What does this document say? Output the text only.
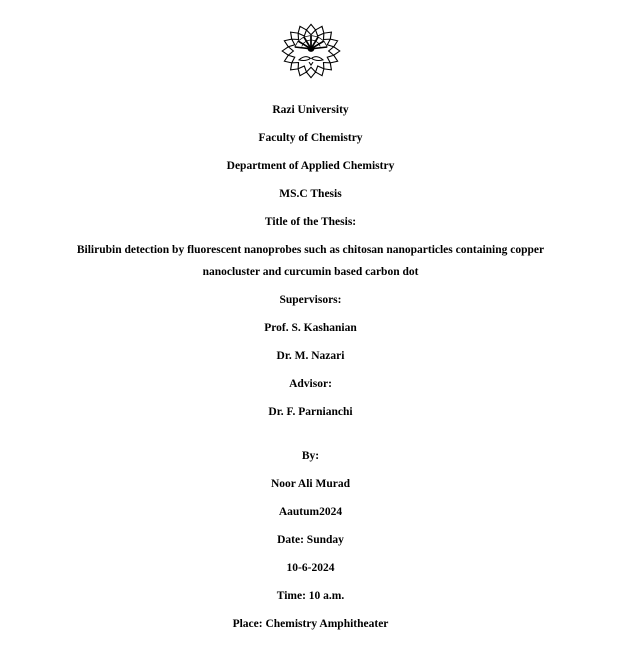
Razi University

Faculty of Chemistry

Department of Applied Chemistry

MS.C Thesis

Title of the Thesis:

Bilirubin detection by fluorescent nanoprobes such as chitosan nanoparticles containing copper
nanocluster and curcumin based carbon dot

Supervisors:

Prof. S. Kashanian

Dr. M. Nazari

Advisor:

Dr. F. Parnianchi

By:

Noor Ali Murad

Aautum2024

Date: Sunday

10-6-2024

Time: 10 a.m.

Place: Chemistry Amphitheater
